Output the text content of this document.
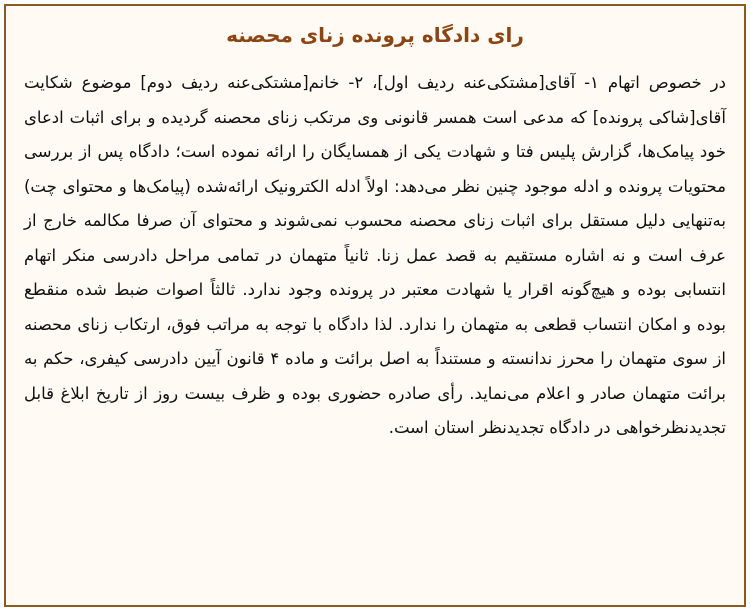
رای دادگاه پرونده زنای محصنه

در خصوص اتهام ۱- آقای[مشتکی‌عنه ردیف اول]، ۲- خانم[مشتکی‌عنه ردیف دوم] موضوع شکایت آقای[شاکی پرونده] که مدعی است همسر قانونی وی مرتکب زنای محصنه گردیده و برای اثبات ادعای خود پیامک‌ها، گزارش پلیس فتا و شهادت یکی از همسایگان را ارائه نموده است؛ دادگاه پس از بررسی محتویات پرونده و ادله موجود چنین نظر می‌دهد: اولاً ادله الکترونیک ارائه‌شده (پیامک‌ها و محتوای چت) به‌تنهایی دلیل مستقل برای اثبات زنای محصنه محسوب نمی‌شوند و محتوای آن صرفا مکالمه خارج از عرف است و نه اشاره مستقیم به قصد عمل زنا. ثانیاً متهمان در تمامی مراحل دادرسی منکر اتهام انتسابی بوده و هیچ‌گونه اقرار یا شهادت معتبر در پرونده وجود ندارد. ثالثاً اصوات ضبط شده منقطع بوده و امکان انتساب قطعی به متهمان را ندارد. لذا دادگاه با توجه به مراتب فوق، ارتکاب زنای محصنه از سوی متهمان را محرز ندانسته و مستنداً به اصل برائت و ماده ۴ قانون آیین دادرسی کیفری، حکم به برائت متهمان صادر و اعلام می‌نماید. رأی صادره حضوری بوده و ظرف بیست روز از تاریخ ابلاغ قابل تجدیدنظرخواهی در دادگاه تجدیدنظر استان است.
